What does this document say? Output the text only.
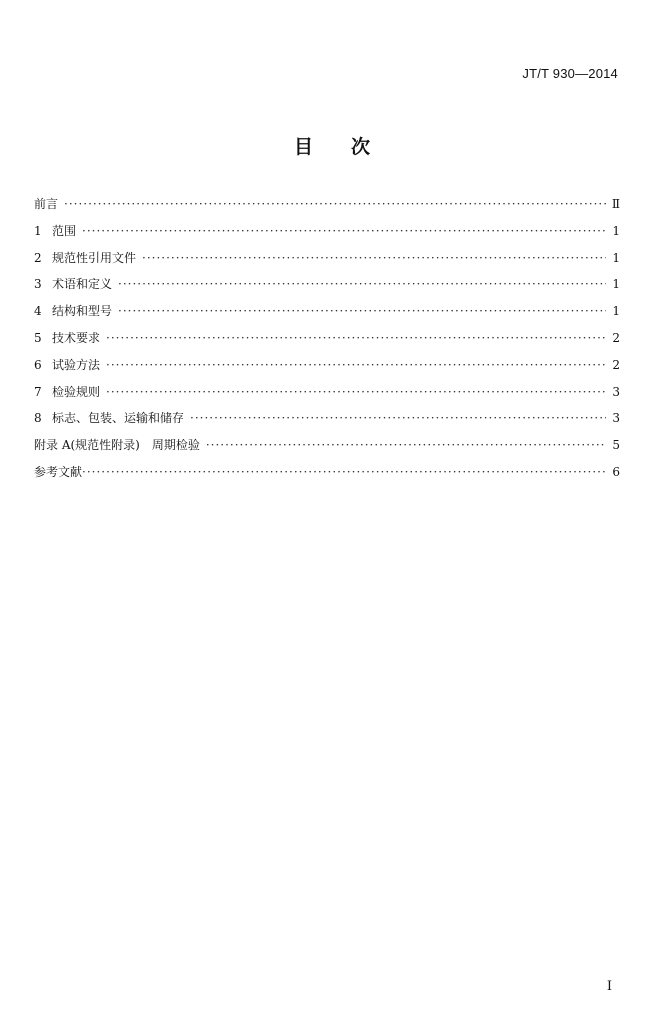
JT/T 930—2014
目 次
前言 ·····	Ⅱ
1 范围 ·····	1
2 规范性引用文件 ·····	1
3 术语和定义 ·····	1
4 结构和型号 ·····	1
5 技术要求 ·····	2
6 试验方法 ·····	2
7 检验规则 ·····	3
8 标志、包装、运输和储存 ·····	3
附录 A(规范性附录)　周期检验 ·····	5
参考文献 ·····	6
Ⅰ
